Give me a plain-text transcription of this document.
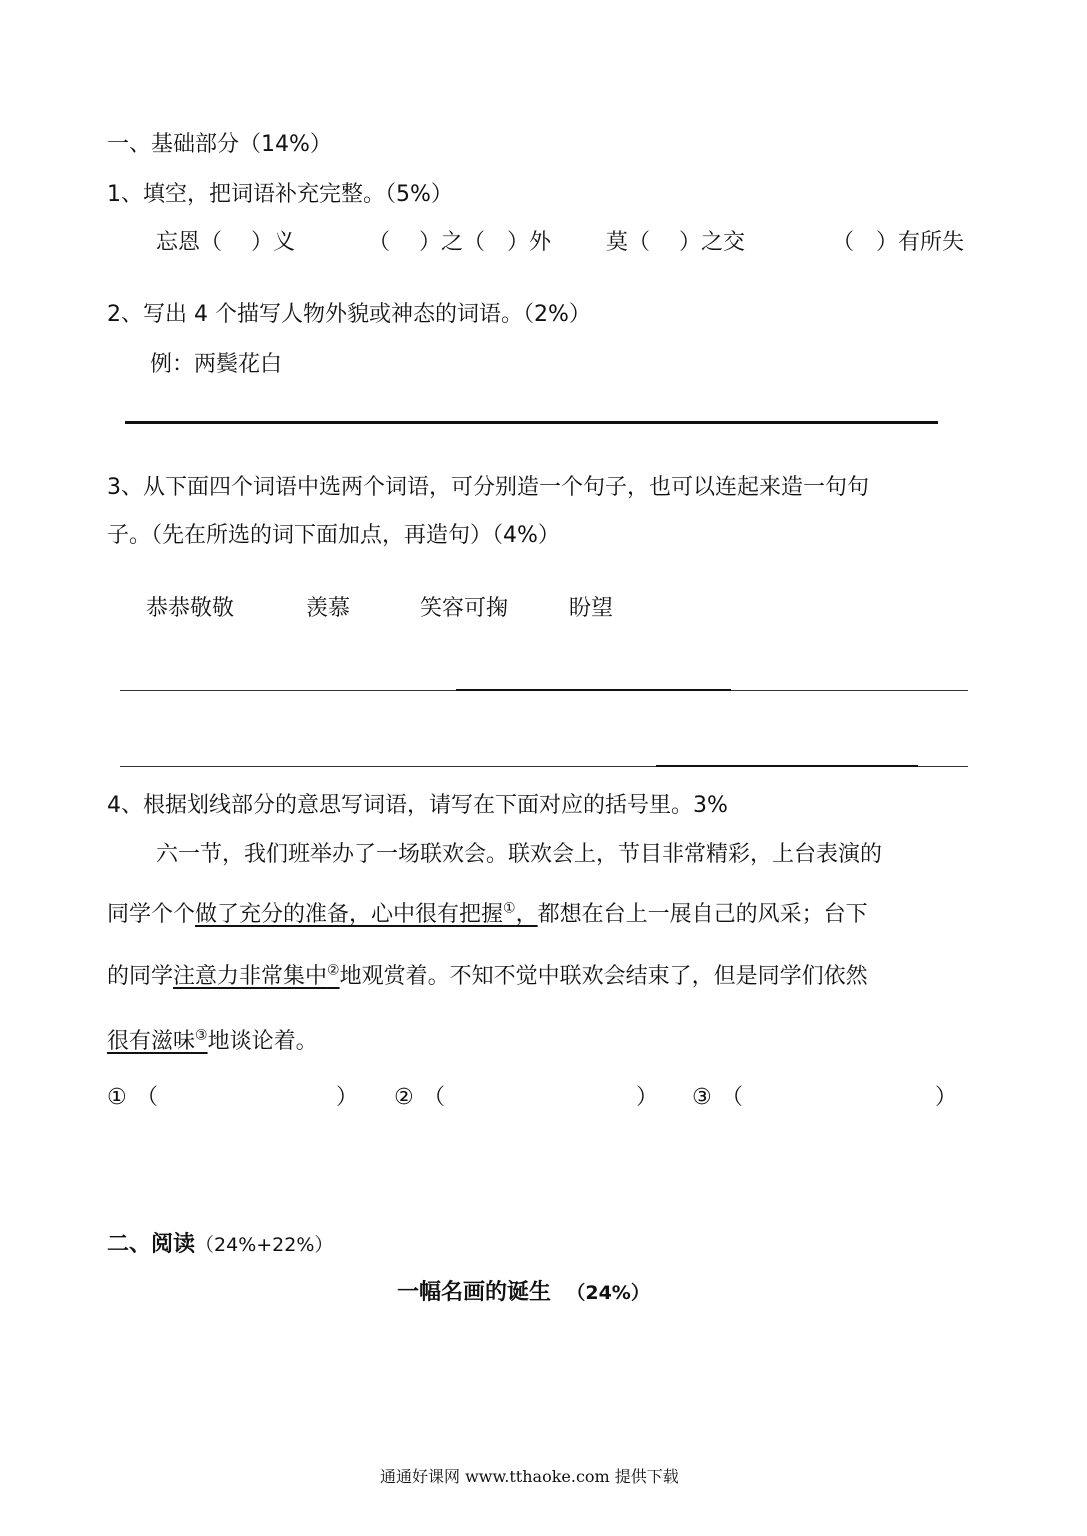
一、基础部分（14%）
1、填空，把词语补充完整。（5%）
忘恩（　 ）义	（　 ）之（　）外	莫（　 ）之交	（　）有所失
2、写出 4 个描写人物外貌或神态的词语。（2%）
例：两鬓花白
3、从下面四个词语中选两个词语，可分别造一个句子，也可以连起来造一句句
子。（先在所选的词下面加点，再造句）（4%）
恭恭敬敬	羡慕	笑容可掬	盼望
4、根据划线部分的意思写词语，请写在下面对应的括号里。3%
六一节，我们班举办了一场联欢会。联欢会上，节目非常精彩，上台表演的
同学个个做了充分的准备，心中很有把握①，都想在台上一展自己的风采；台下
的同学注意力非常集中②地观赏着。不知不觉中联欢会结束了，但是同学们依然
很有滋味③地谈论着。
① （	） ② （	） ③ （	）
二、阅读（24%+22%）
一幅名画的诞生 （24%）
通通好课网 www.tthaoke.com 提供下载
